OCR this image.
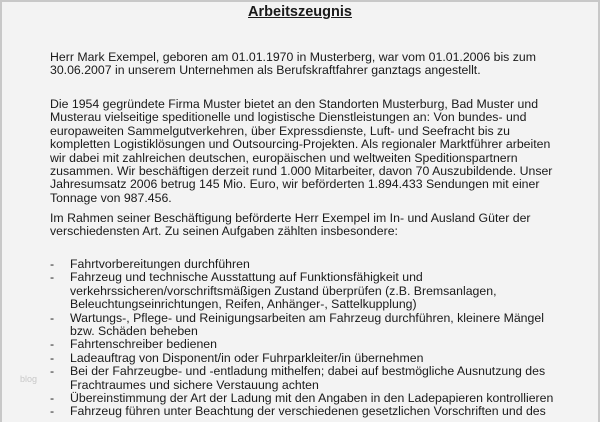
Arbeitszeugnis
Herr Mark Exempel, geboren am 01.01.1970 in Musterberg, war vom 01.01.2006 bis zum
30.06.2007 in unserem Unternehmen als Berufskraftfahrer ganztags angestellt.
Die 1954 gegründete Firma Muster bietet an den Standorten Musterburg, Bad Muster und
Musterau vielseitige speditionelle und logistische Dienstleistungen an: Von bundes- und
europaweiten Sammelgutverkehren, über Expressdienste, Luft- und Seefracht bis zu
kompletten Logistiklösungen und Outsourcing-Projekten. Als regionaler Marktführer arbeiten
wir dabei mit zahlreichen deutschen, europäischen und weltweiten Speditionspartnern
zusammen. Wir beschäftigen derzeit rund 1.000 Mitarbeiter, davon 70 Auszubildende. Unser
Jahresumsatz 2006 betrug 145 Mio. Euro, wir beförderten 1.894.433 Sendungen mit einer
Tonnage von 987.456.
Im Rahmen seiner Beschäftigung beförderte Herr Exempel im In- und Ausland Güter der
verschiedensten Art. Zu seinen Aufgaben zählten insbesondere:
- Fahrtvorbereitungen durchführen
- Fahrzeug und technische Ausstattung auf Funktionsfähigkeit und
verkehrssicheren/vorschriftsmäßigen Zustand überprüfen (z.B. Bremsanlagen,
Beleuchtungseinrichtungen, Reifen, Anhänger-, Sattelkupplung)
- Wartungs-, Pflege- und Reinigungsarbeiten am Fahrzeug durchführen, kleinere Mängel
bzw. Schäden beheben
- Fahrtenschreiber bedienen
- Ladeauftrag von Disponent/in oder Fuhrparkleiter/in übernehmen
- Bei der Fahrzeugbe- und -entladung mithelfen; dabei auf bestmögliche Ausnutzung des
Frachtraumes und sichere Verstauung achten
- Übereinstimmung der Art der Ladung mit den Angaben in den Ladepapieren kontrollieren
- Fahrzeug führen unter Beachtung der verschiedenen gesetzlichen Vorschriften und des
blog
